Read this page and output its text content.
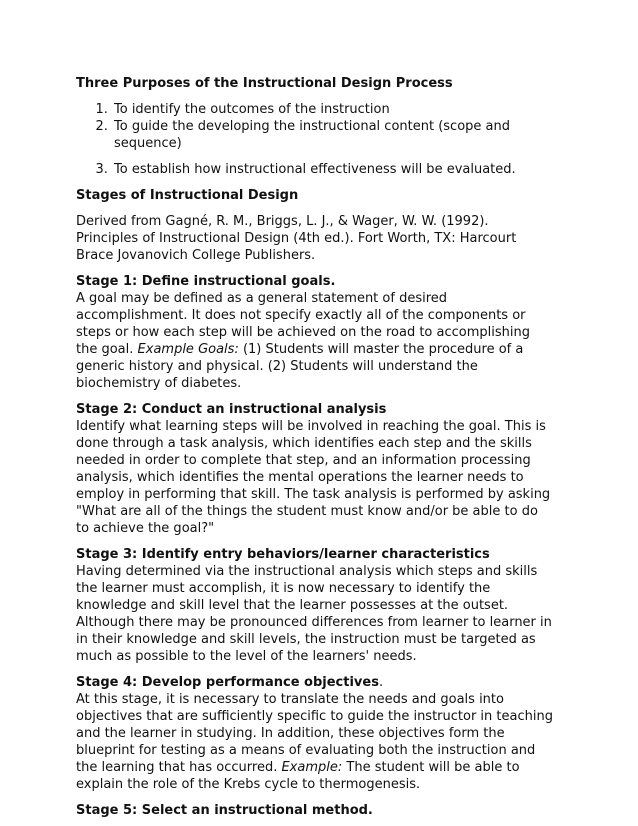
Three Purposes of the Instructional Design Process

1. To identify the outcomes of the instruction
2. To guide the developing the instructional content (scope and sequence)
3. To establish how instructional effectiveness will be evaluated.

Stages of Instructional Design

Derived from Gagné, R. M., Briggs, L. J., & Wager, W. W. (1992). Principles of Instructional Design (4th ed.). Fort Worth, TX: Harcourt Brace Jovanovich College Publishers.

Stage 1: Define instructional goals.

A goal may be defined as a general statement of desired accomplishment. It does not specify exactly all of the components or steps or how each step will be achieved on the road to accomplishing the goal. Example Goals: (1) Students will master the procedure of a generic history and physical. (2) Students will understand the biochemistry of diabetes.

Stage 2: Conduct an instructional analysis

Identify what learning steps will be involved in reaching the goal. This is done through a task analysis, which identifies each step and the skills needed in order to complete that step, and an information processing analysis, which identifies the mental operations the learner needs to employ in performing that skill. The task analysis is performed by asking "What are all of the things the student must know and/or be able to do to achieve the goal?"

Stage 3: Identify entry behaviors/learner characteristics

Having determined via the instructional analysis which steps and skills the learner must accomplish, it is now necessary to identify the knowledge and skill level that the learner possesses at the outset. Although there may be pronounced differences from learner to learner in in their knowledge and skill levels, the instruction must be targeted as much as possible to the level of the learners' needs.

Stage 4: Develop performance objectives.

At this stage, it is necessary to translate the needs and goals into objectives that are sufficiently specific to guide the instructor in teaching and the learner in studying. In addition, these objectives form the blueprint for testing as a means of evaluating both the instruction and the learning that has occurred. Example: The student will be able to explain the role of the Krebs cycle to thermogenesis.

Stage 5: Select an instructional method.
